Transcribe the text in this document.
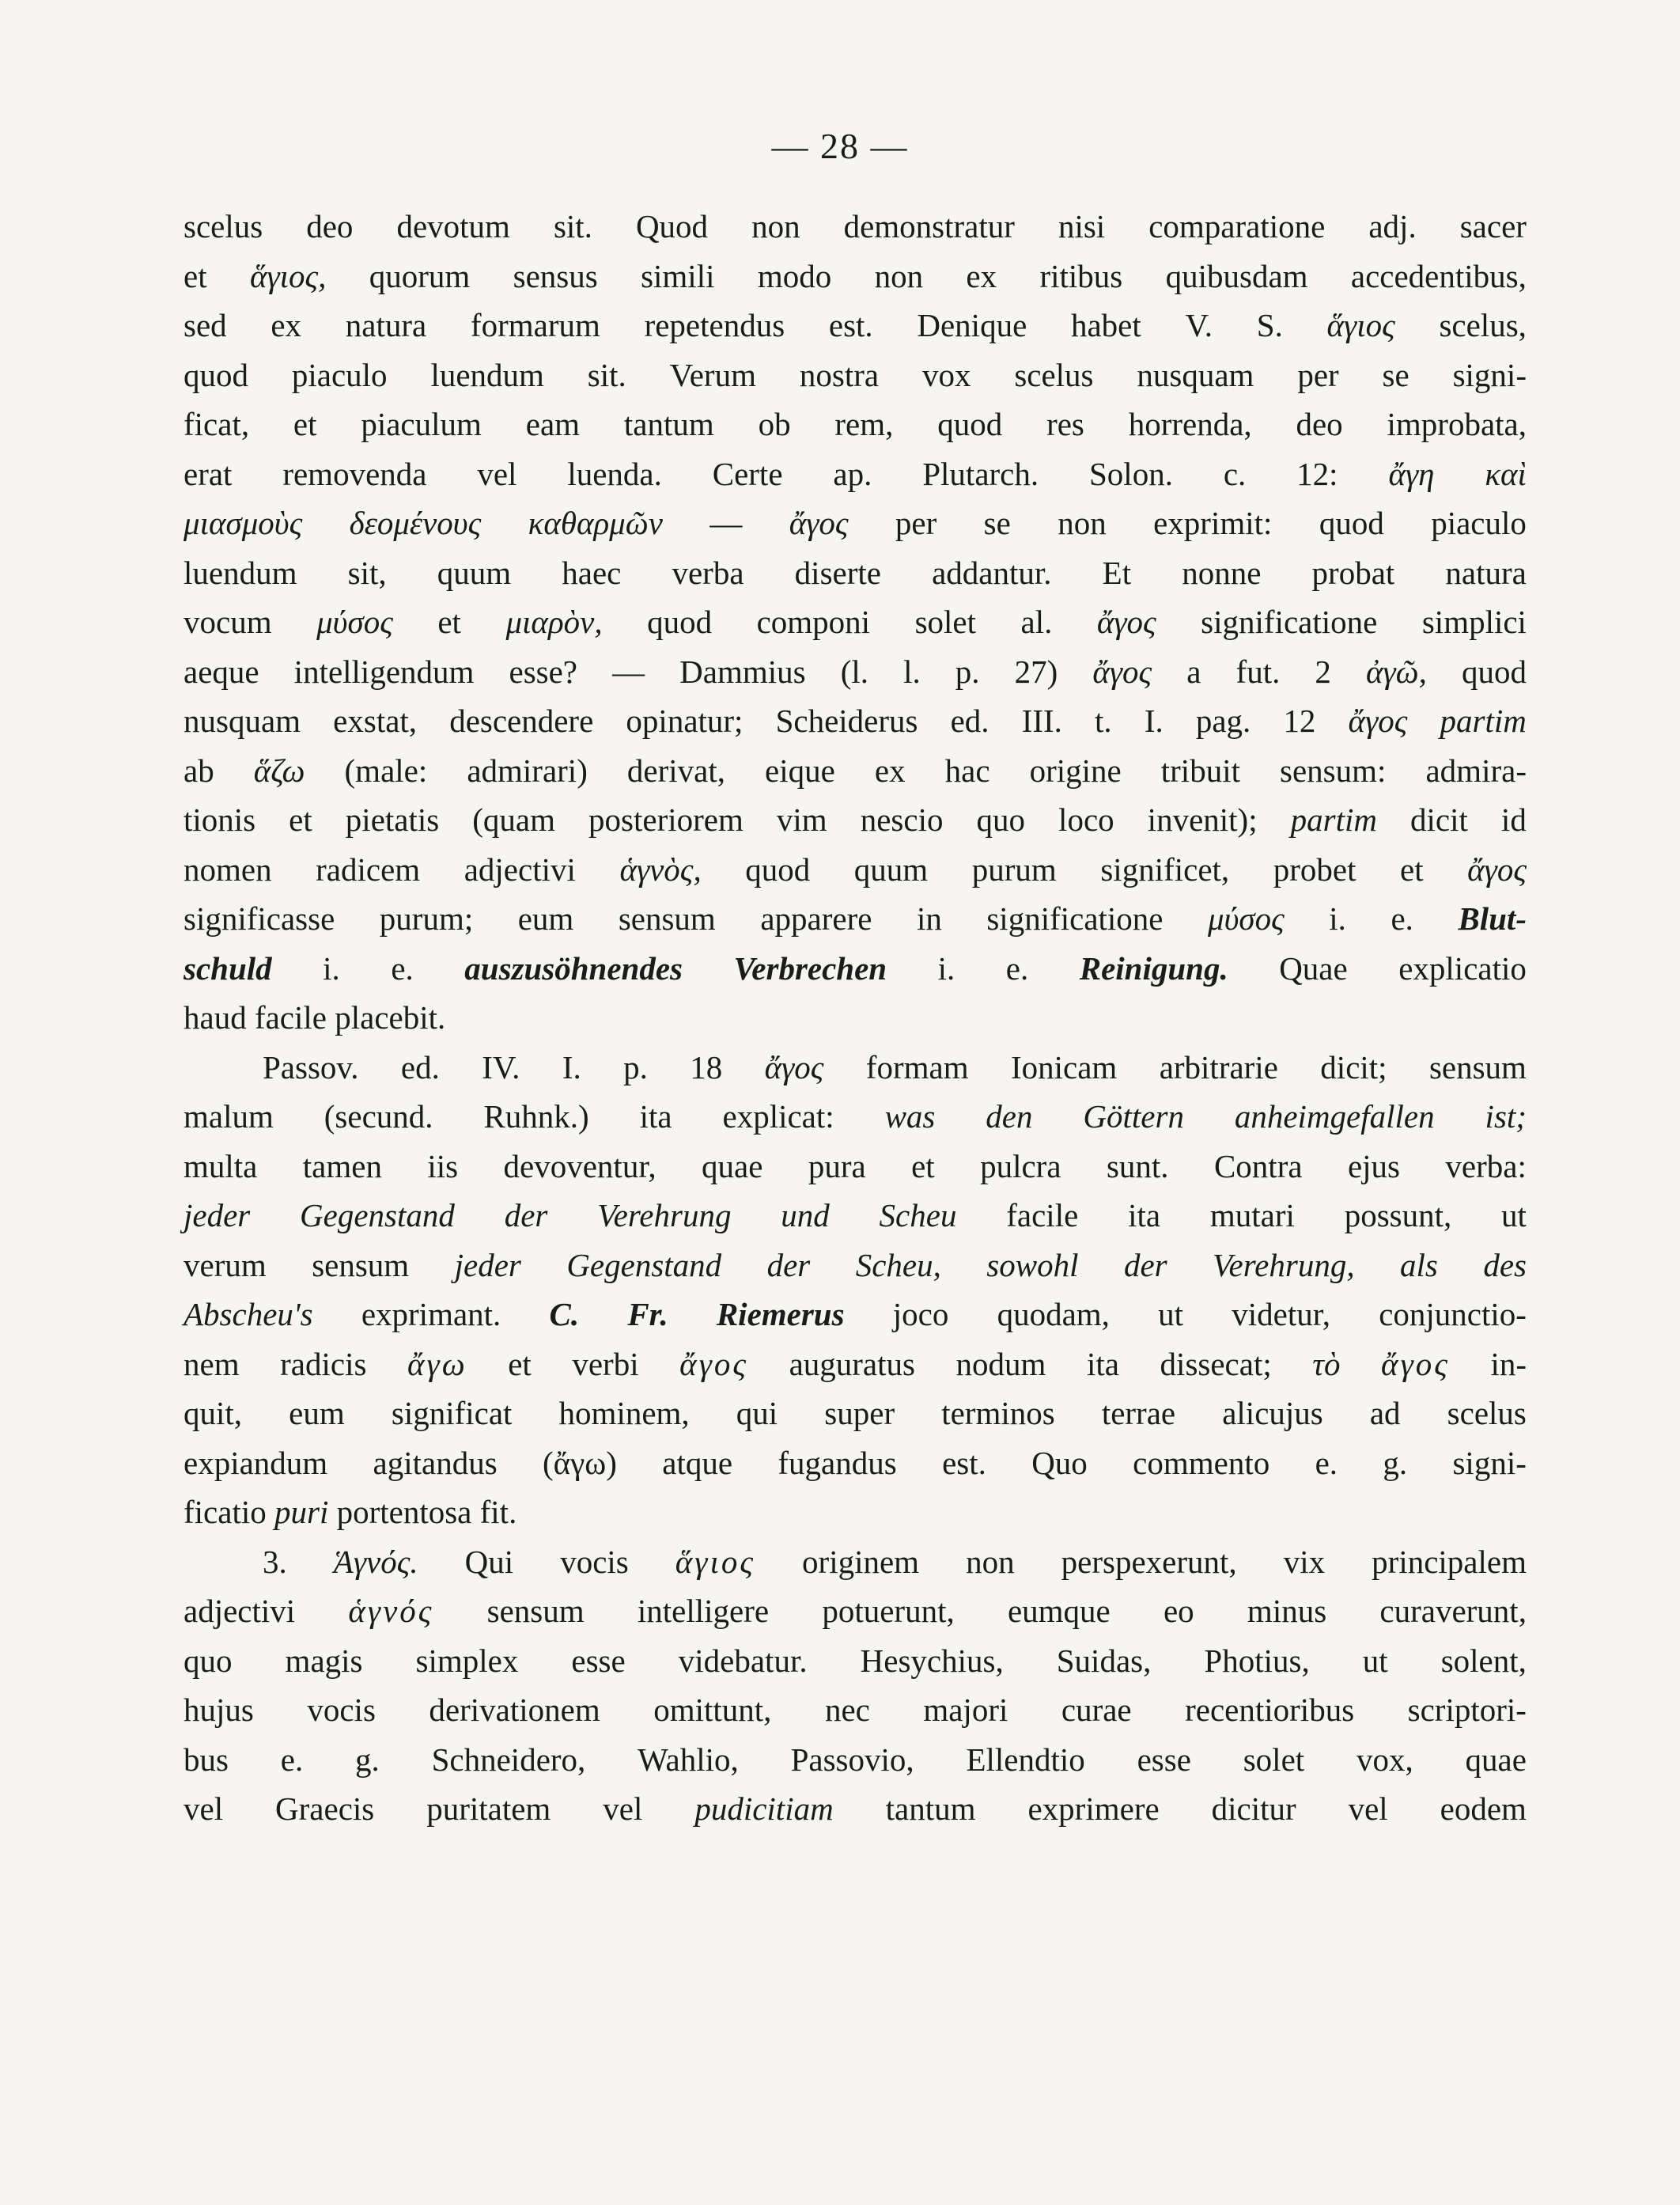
— 28 —
scelus deo devotum sit. Quod non demonstratur nisi comparatione adj. sacer
et ἅγιος, quorum sensus simili modo non ex ritibus quibusdam accedentibus,
sed ex natura formarum repetendus est. Denique habet V. S. ἅγιος scelus,
quod piaculo luendum sit. Verum nostra vox scelus nusquam per se signi-
ficat, et piaculum eam tantum ob rem, quod res horrenda, deo improbata,
erat removenda vel luenda. Certe ap. Plutarch. Solon. c. 12: ἄγη καὶ
μιασμοὺς δεομένους καθαρμῶν — ἄγος per se non exprimit: quod piaculo
luendum sit, quum haec verba diserte addantur. Et nonne probat natura
vocum μύσος et μιαρὸν, quod componi solet al. ἄγος significatione simplici
aeque intelligendum esse? — Dammius (l. l. p. 27) ἄγος a fut. 2 ἀγῶ, quod
nusquam exstat, descendere opinatur; Scheiderus ed. III. t. I. pag. 12 ἄγος partim
ab ἅζω (male: admirari) derivat, eique ex hac origine tribuit sensum: admira-
tionis et pietatis (quam posteriorem vim nescio quo loco invenit); partim dicit id
nomen radicem adjectivi ἁγνὸς, quod quum purum significet, probet et ἄγος
significasse purum; eum sensum apparere in significatione μύσος i. e. Blut-
schuld i. e. auszusöhnendes Verbrechen i. e. Reinigung. Quae explicatio
haud
facile
placebit.
Passov. ed. IV. I. p. 18 ἄγος formam Ionicam arbitrarie dicit; sensum
malum (secund. Ruhnk.) ita explicat: was den Göttern anheimgefallen ist;
multa tamen iis devoventur, quae pura et pulcra sunt. Contra ejus verba:
jeder Gegenstand der Verehrung und Scheu facile ita mutari possunt, ut
verum sensum jeder Gegenstand der Scheu, sowohl der Verehrung, als des
Abscheu's exprimant. C. Fr. Riemerus joco quodam, ut videtur, conjunctio-
nem radicis ἄγω et verbi ἄγος auguratus nodum ita dissecat; τὸ ἄγος in-
quit, eum significat hominem, qui super terminos terrae alicujus ad scelus
expiandum agitandus (ἄγω) atque fugandus est. Quo commento e. g. signi-
ficatio
puri
portentosa
fit.
3. Ἁγνός. Qui vocis ἅγιος originem non perspexerunt, vix principalem
adjectivi ἁγνός sensum intelligere potuerunt, eumque eo minus curaverunt,
quo magis simplex esse videbatur. Hesychius, Suidas, Photius, ut solent,
hujus vocis derivationem omittunt, nec majori curae recentioribus scriptori-
bus e. g. Schneidero, Wahlio, Passovio, Ellendtio esse solet vox, quae
vel Graecis puritatem vel pudicitiam tantum exprimere dicitur vel eodem
